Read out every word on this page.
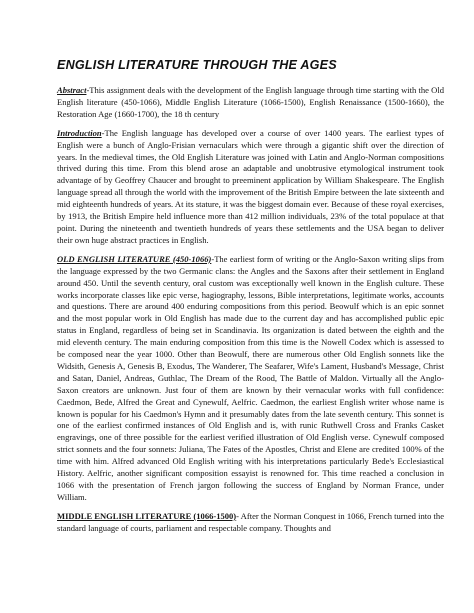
ENGLISH LITERATURE THROUGH THE AGES

Abstract-This assignment deals with the development of the English language through time starting with the Old English literature (450-1066), Middle English Literature (1066-1500), English Renaissance (1500-1660), the Restoration Age (1660-1700), the 18 th century

Introduction-The English language has developed over a course of over 1400 years. The earliest types of English were a bunch of Anglo-Frisian vernaculars which were through a gigantic shift over the direction of years. In the medieval times, the Old English Literature was joined with Latin and Anglo-Norman compositions thrived during this time. From this blend arose an adaptable and unobtrusive etymological instrument took advantage of by Geoffrey Chaucer and brought to preeminent application by William Shakespeare. The English language spread all through the world with the improvement of the British Empire between the late sixteenth and mid eighteenth hundreds of years. At its stature, it was the biggest domain ever. Because of these royal exercises, by 1913, the British Empire held influence more than 412 million individuals, 23% of the total populace at that point. During the nineteenth and twentieth hundreds of years these settlements and the USA began to deliver their own huge abstract practices in English.

OLD ENGLISH LITERATURE (450-1066)-The earliest form of writing or the Anglo-Saxon writing slips from the language expressed by the two Germanic clans: the Angles and the Saxons after their settlement in England around 450. Until the seventh century, oral custom was exceptionally well known in the English culture. These works incorporate classes like epic verse, hagiography, lessons, Bible interpretations, legitimate works, accounts and questions. There are around 400 enduring compositions from this period. Beowulf which is an epic sonnet and the most popular work in Old English has made due to the current day and has accomplished public epic status in England, regardless of being set in Scandinavia. Its organization is dated between the eighth and the mid eleventh century. The main enduring composition from this time is the Nowell Codex which is assessed to be composed near the year 1000. Other than Beowulf, there are numerous other Old English sonnets like the Widsith, Genesis A, Genesis B, Exodus, The Wanderer, The Seafarer, Wife's Lament, Husband's Message, Christ and Satan, Daniel, Andreas, Guthlac, The Dream of the Rood, The Battle of Maldon. Virtually all the Anglo-Saxon creators are unknown. Just four of them are known by their vernacular works with full confidence: Caedmon, Bede, Alfred the Great and Cynewulf, Aelfric. Caedmon, the earliest English writer whose name is known is popular for his Caedmon's Hymn and it presumably dates from the late seventh century. This sonnet is one of the earliest confirmed instances of Old English and is, with runic Ruthwell Cross and Franks Casket engravings, one of three possible for the earliest verified illustration of Old English verse. Cynewulf composed strict sonnets and the four sonnets: Juliana, The Fates of the Apostles, Christ and Elene are credited 100% of the time with him. Alfred advanced Old English writing with his interpretations particularly Bede's Ecclesiastical History. Aelfric, another significant composition essayist is renowned for. This time reached a conclusion in 1066 with the presentation of French jargon following the success of England by Norman France, under William.

MIDDLE ENGLISH LITERATURE (1066-1500)- After the Norman Conquest in 1066, French turned into the standard language of courts, parliament and respectable company. Thoughts and
